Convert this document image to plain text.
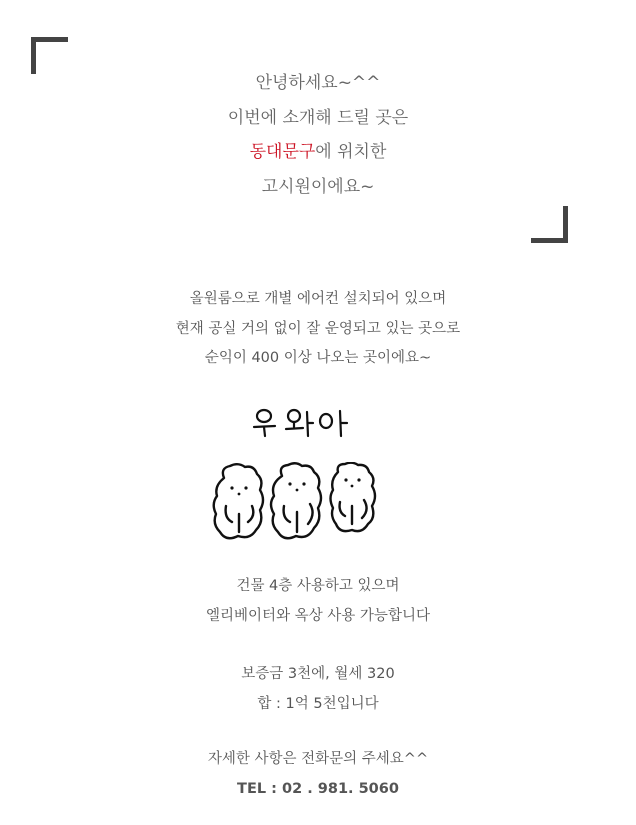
안녕하세요~^^
이번에 소개해 드릴 곳은
동대문구에 위치한
고시원이에요~
올원룸으로 개별 에어컨 설치되어 있으며
현재 공실 거의 없이 잘 운영되고 있는 곳으로
순익이 400 이상 나오는 곳이에요~
건물 4층 사용하고 있으며
엘리베이터와 옥상 사용 가능합니다
보증금 3천에, 월세 320
합 : 1억 5천입니다
자세한 사항은 전화문의 주세요^^
TEL : 02 . 981. 5060
